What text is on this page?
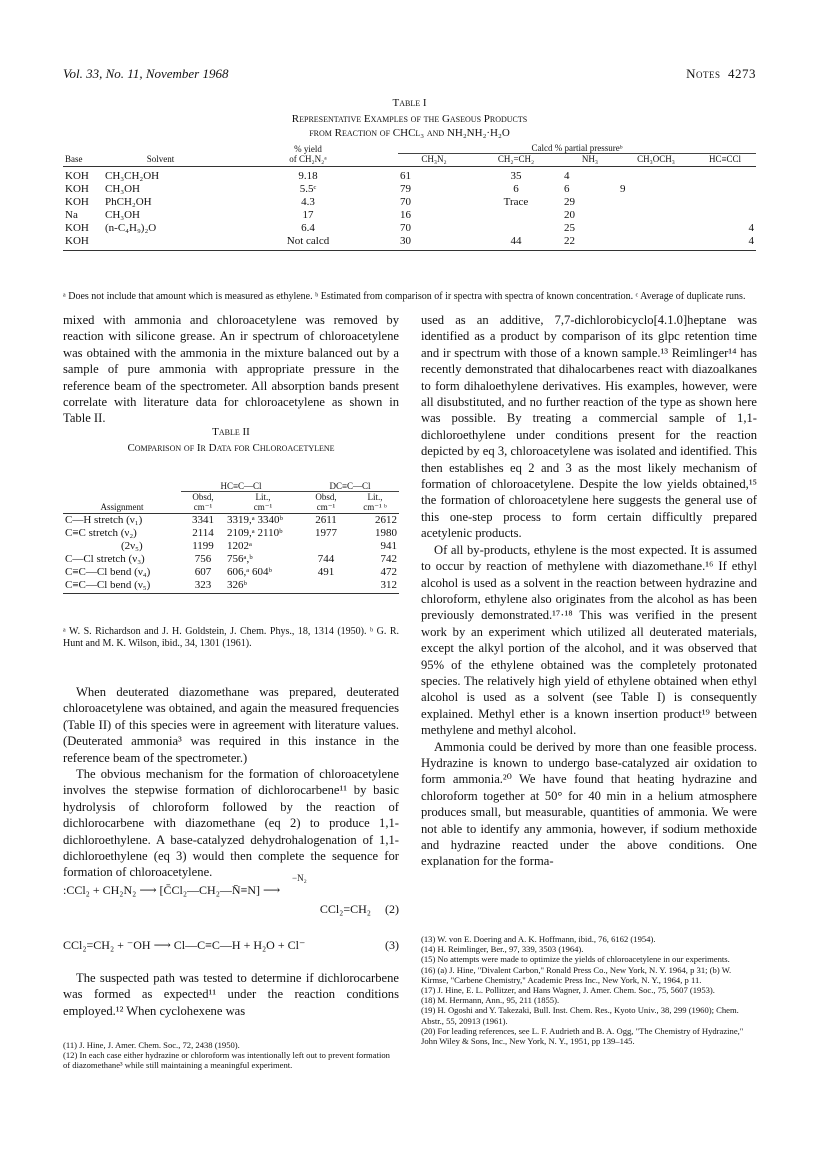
Vol. 33, No. 11, November 1968	Notes 4273
Table I
Representative Examples of the Gaseous Products
from Reaction of CHCl₃ and NH₂NH₂·H₂O
		% yield	Calcd % partial pressureᵇ				
Base	Solvent	of CH₂N₂ᵃ	CH₃N₂	CH₂=CH₂	NH₃	CH₃OCH₃	HC≡CCl
KOH	CH₃CH₂OH	9.18	61	35	4		
KOH	CH₃OH	5.5ᶜ	79	6	6	9	
KOH	PhCH₂OH	4.3	70	Trace	29		
Na	CH₃OH	17	16		20		
KOH	(n-C₄H₉)₂O	6.4	70		25		4
KOH		Not calcd	30	44	22		4
ᵃ Does not include that amount which is measured as ethylene. ᵇ Estimated from comparison of ir spectra with spectra of known concentration. ᶜ Average of duplicate runs.

mixed with ammonia and chloroacetylene was removed by reaction with silicone grease. An ir spectrum of chloroacetylene was obtained with the ammonia in the mixture balanced out by a sample of pure ammonia with appropriate pressure in the reference beam of the spectrometer. All absorption bands present correlate with literature data for chloroacetylene as shown in Table II.

Table II
Comparison of Ir Data for Chloroacetylene
	HC≡C—Cl		DC≡C—Cl	
	Obsd,	Lit.,	Obsd,	Lit.,
Assignment	cm⁻¹	cm⁻¹	cm⁻¹	cm⁻¹ ᵇ
C—H stretch (ν₁)	3341	3319,ᵃ 3340ᵇ	2611	2612
C≡C stretch (ν₂)	2114	2109,ᵃ 2110ᵇ	1977	1980
(2ν₅)	1199	1202ᵃ		941
C—Cl stretch (ν₃)	756	756ᵃ,ᵇ	744	742
C≡C—Cl bend (ν₄)	607	606,ᵃ 604ᵇ	491	472
C≡C—Cl bend (ν₅)	323	326ᵇ		312
ᵃ W. S. Richardson and J. H. Goldstein, J. Chem. Phys., 18, 1314 (1950). ᵇ G. R. Hunt and M. K. Wilson, ibid., 34, 1301 (1961).

When deuterated diazomethane was prepared, deuterated chloroacetylene was obtained, and again the measured frequencies (Table II) of this species were in agreement with literature values. (Deuterated ammonia³ was required in this instance in the reference beam of the spectrometer.)

The obvious mechanism for the formation of chloroacetylene involves the stepwise formation of dichlorocarbene¹¹ by basic hydrolysis of chloroform followed by the reaction of dichlorocarbene with diazomethane (eq 2) to produce 1,1-dichloroethylene. A base-catalyzed dehydrohalogenation of 1,1-dichloroethylene (eq 3) would then complete the sequence for formation of chloroacetylene.	−N₂
:CCl₂ + CH₂N₂ ⟶ [C̄Cl₂—CH₂—N̄≡N] ⟶
CCl₂=CH₂ (2)
CCl₂=CH₂ + ⁻OH ⟶ Cl—C≡C—H + H₂O + Cl⁻	(3)

The suspected path was tested to determine if dichlorocarbene was formed as expected¹¹ under the reaction conditions employed.¹² When cyclohexene was

(11) J. Hine, J. Amer. Chem. Soc., 72, 2438 (1950).
(12) In each case either hydrazine or chloroform was intentionally left out to prevent formation of diazomethane³ while still maintaining a meaningful experiment.

used as an additive, 7,7-dichlorobicyclo[4.1.0]heptane was identified as a product by comparison of its glpc retention time and ir spectrum with those of a known sample.¹³ Reimlinger¹⁴ has recently demonstrated that dihalocarbenes react with diazoalkanes to form dihaloethylene derivatives. His examples, however, were all disubstituted, and no further reaction of the type as shown here was possible. By treating a commercial sample of 1,1-dichloroethylene under conditions present for the reaction depicted by eq 3, chloroacetylene was isolated and identified. This then establishes eq 2 and 3 as the most likely mechanism of formation of chloroacetylene. Despite the low yields obtained,¹⁵ the formation of chloroacetylene here suggests the general use of this one-step process to form certain difficultly prepared acetylenic products.

Of all by-products, ethylene is the most expected. It is assumed to occur by reaction of methylene with diazomethane.¹⁶ If ethyl alcohol is used as a solvent in the reaction between hydrazine and chloroform, ethylene also originates from the alcohol as has been previously demonstrated.¹⁷·¹⁸ This was verified in the present work by an experiment which utilized all deuterated materials, except the alkyl portion of the alcohol, and it was observed that 95% of the ethylene obtained was the completely protonated species. The relatively high yield of ethylene obtained when ethyl alcohol is used as a solvent (see Table I) is consequently explained. Methyl ether is a known insertion product¹⁹ between methylene and methyl alcohol.

Ammonia could be derived by more than one feasible process. Hydrazine is known to undergo base-catalyzed air oxidation to form ammonia.²⁰ We have found that heating hydrazine and chloroform together at 50° for 40 min in a helium atmosphere produces small, but measurable, quantities of ammonia. We were not able to identify any ammonia, however, if sodium methoxide and hydrazine reacted under the above conditions. One explanation for the forma-

(13) W. von E. Doering and A. K. Hoffmann, ibid., 76, 6162 (1954).
(14) H. Reimlinger, Ber., 97, 339, 3503 (1964).
(15) No attempts were made to optimize the yields of chloroacetylene in our experiments.
(16) (a) J. Hine, "Divalent Carbon," Ronald Press Co., New York, N. Y. 1964, p 31; (b) W. Kirmse, "Carbene Chemistry," Academic Press Inc., New York, N. Y., 1964, p 11.
(17) J. Hine, E. L. Pollitzer, and Hans Wagner, J. Amer. Chem. Soc., 75, 5607 (1953).
(18) M. Hermann, Ann., 95, 211 (1855).
(19) H. Ogoshi and Y. Takezaki, Bull. Inst. Chem. Res., Kyoto Univ., 38, 299 (1960); Chem. Abstr., 55, 20913 (1961).
(20) For leading references, see L. F. Audrieth and B. A. Ogg, "The Chemistry of Hydrazine," John Wiley & Sons, Inc., New York, N. Y., 1951, pp 139–145.
